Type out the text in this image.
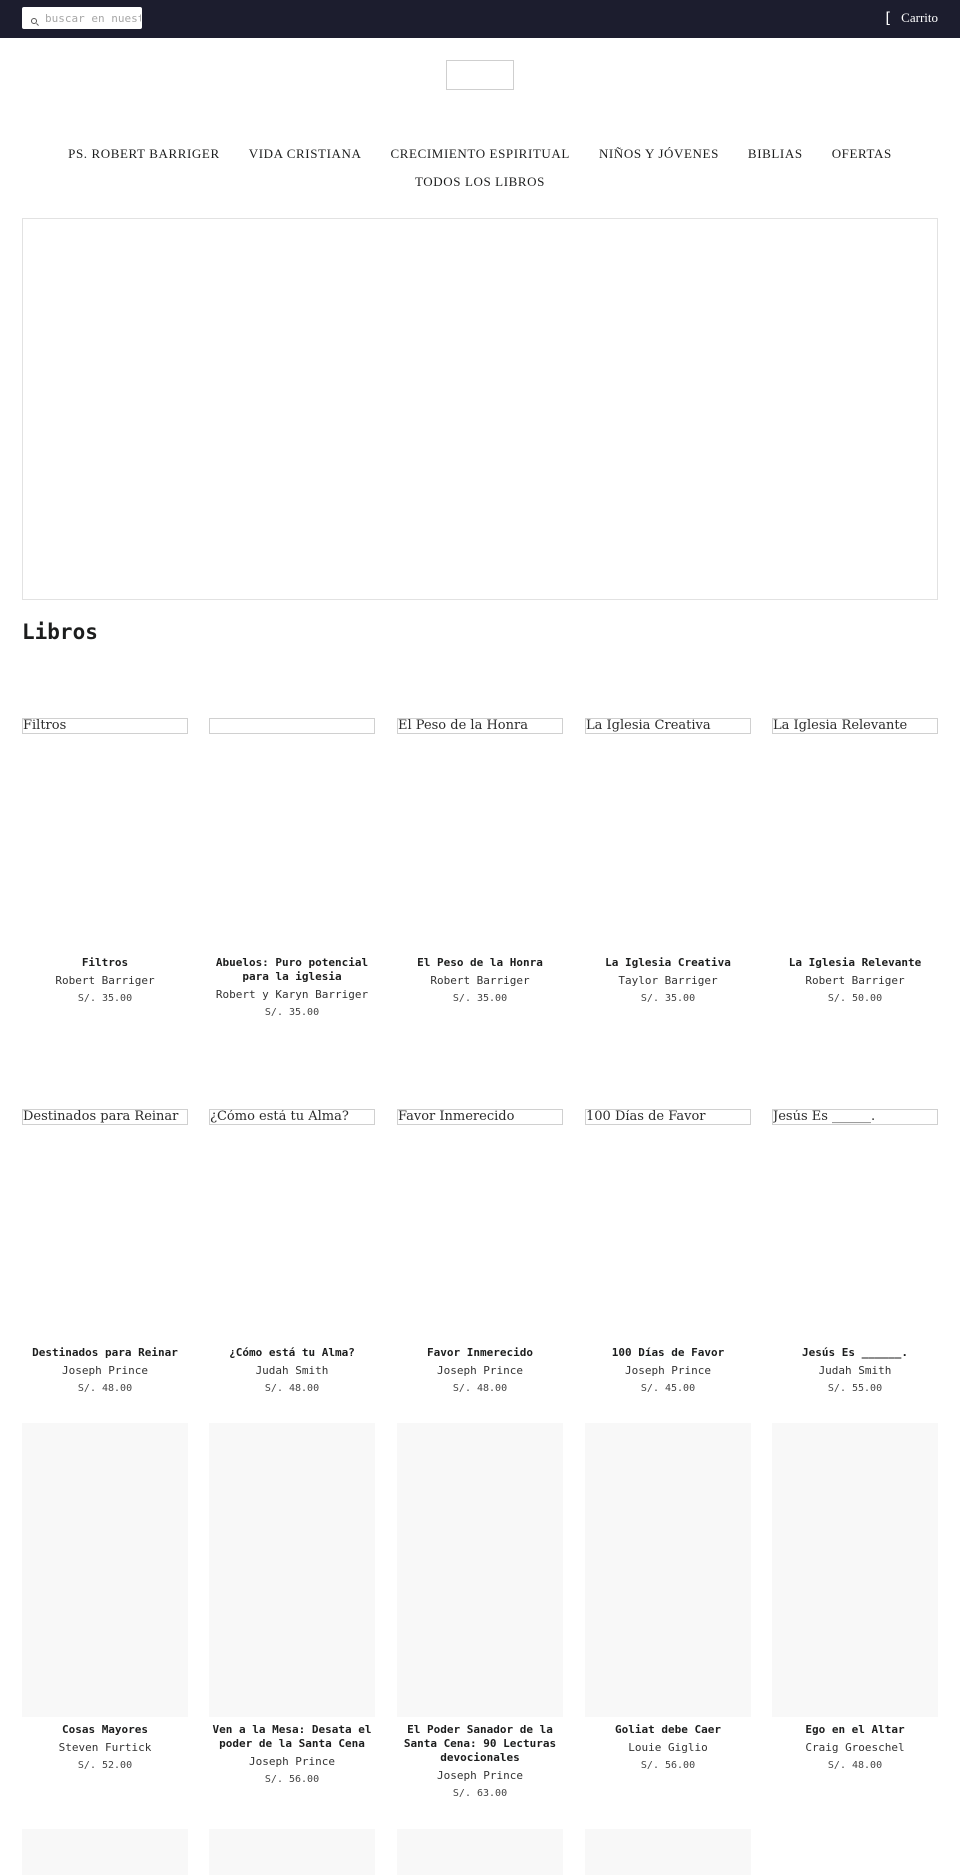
buscar en nuestra tienda
[ Carrito
PS. ROBERT BARRIGER VIDA CRISTIANA CRECIMIENTO ESPIRITUAL NIÑOS Y JÓVENES BIBLIAS OFERTAS
TODOS LOS LIBROS
Libros
Filtros
Filtros
Robert Barriger
S/. 35.00
Abuelos: Puro potencial para la iglesia
Robert y Karyn Barriger
S/. 35.00
El Peso de la Honra
El Peso de la Honra
Robert Barriger
S/. 35.00
La Iglesia Creativa
La Iglesia Creativa
Taylor Barriger
S/. 35.00
La Iglesia Relevante
La Iglesia Relevante
Robert Barriger
S/. 50.00
Destinados para Reinar
Destinados para Reinar
Joseph Prince
S/. 48.00
¿Cómo está tu Alma?
¿Cómo está tu Alma?
Judah Smith
S/. 48.00
Favor Inmerecido
Favor Inmerecido
Joseph Prince
S/. 48.00
100 Días de Favor
100 Días de Favor
Joseph Prince
S/. 45.00
Jesús Es ______.
Jesús Es ______.
Judah Smith
S/. 55.00
Cosas Mayores
Steven Furtick
S/. 52.00
Ven a la Mesa: Desata el poder de la Santa Cena
Joseph Prince
S/. 56.00
El Poder Sanador de la Santa Cena: 90 Lecturas devocionales
Joseph Prince
S/. 63.00
Goliat debe Caer
Louie Giglio
S/. 56.00
Ego en el Altar
Craig Groeschel
S/. 48.00
